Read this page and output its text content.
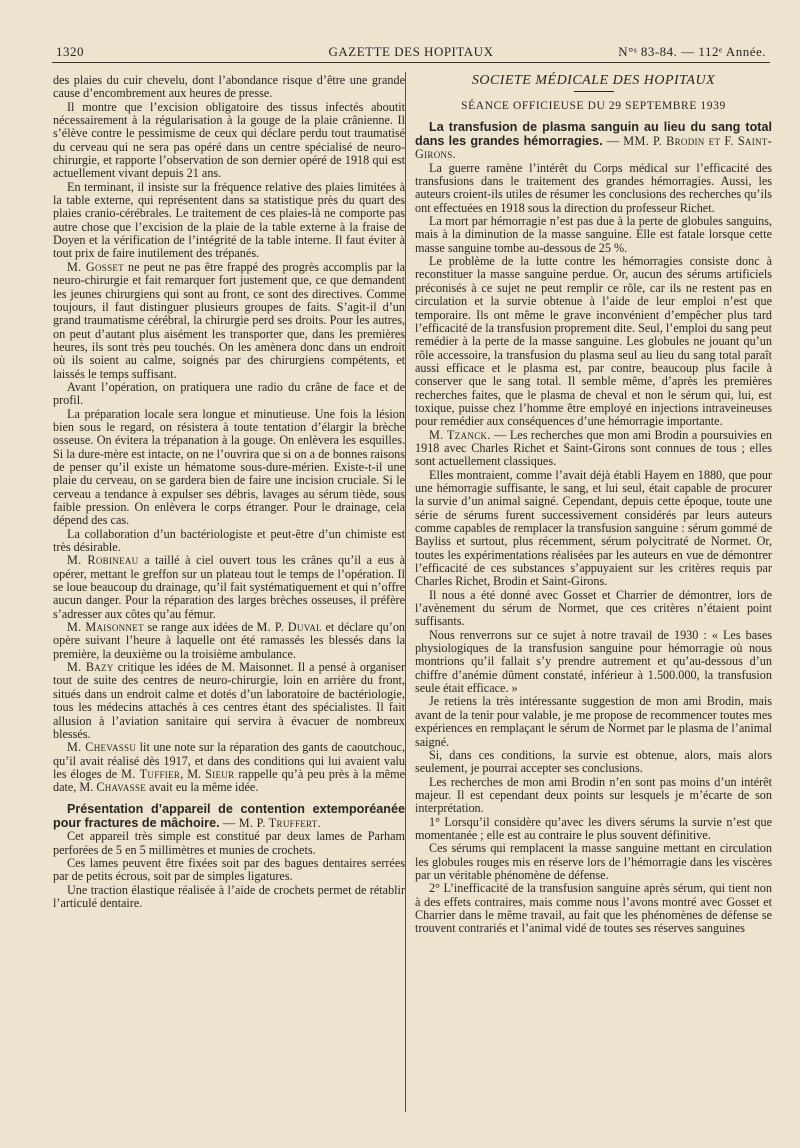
1320	GAZETTE DES HOPITAUX	N°ˢ 83-84. — 112ᵉ Année.

des plaies du cuir chevelu, dont l’abondance risque d’être une grande cause d’encombrement aux heures de presse.

Il montre que l’excision obligatoire des tissus infectés aboutit nécessairement à la régularisation à la gouge de la plaie crânienne. Il s’élève contre le pessimisme de ceux qui déclare perdu tout traumatisé du cerveau qui ne sera pas opéré dans un centre spécialisé de neuro-chirurgie, et rapporte l’observation de son dernier opéré de 1918 qui est actuellement vivant depuis 21 ans.

En terminant, il insiste sur la fréquence relative des plaies limitées à la table externe, qui représentent dans sa statistique près du quart des plaies cranio-cérébrales. Le traitement de ces plaies-là ne comporte pas autre chose que l’excision de la plaie de la table externe à la fraise de Doyen et la vérification de l’intégrité de la table interne. Il faut éviter à tout prix de faire inutilement des trépanés.

M. Gosset ne peut ne pas être frappé des progrès accomplis par la neuro-chirurgie et fait remarquer fort justement que, ce que demandent les jeunes chirurgiens qui sont au front, ce sont des directives. Comme toujours, il faut distinguer plusieurs groupes de faits. S’agit-il d’un grand traumatisme cérébral, la chirurgie perd ses droits. Pour les autres, on peut d’autant plus aisément les transporter que, dans les premières heures, ils sont très peu touchés. On les amènera donc dans un endroit où ils soient au calme, soignés par des chirurgiens compétents, et laissés le temps suffisant.

Avant l’opération, on pratiquera une radio du crâne de face et de profil.

La préparation locale sera longue et minutieuse. Une fois la lésion bien sous le regard, on résistera à toute tentation d’élargir la brèche osseuse. On évitera la trépanation à la gouge. On enlèvera les esquilles. Si la dure-mère est intacte, on ne l’ouvrira que si on a de bonnes raisons de penser qu’il existe un hématome sous-dure-mérien. Existe-t-il une plaie du cerveau, on se gardera bien de faire une incision cruciale. Si le cerveau a tendance à expulser ses débris, lavages au sérum tiède, sous faible pression. On enlèvera le corps étranger. Pour le drainage, cela dépend des cas.

La collaboration d’un bactériologiste et peut-être d’un chimiste est très désirable.

M. Robineau a taillé à ciel ouvert tous les crânes qu’il a eus à opérer, mettant le greffon sur un plateau tout le temps de l’opération. Il se loue beaucoup du drainage, qu’il fait systématiquement et qui n’offre aucun danger. Pour la réparation des larges brèches osseuses, il préfère s’adresser aux côtes qu’au fémur.

M. Maisonnet se range aux idées de M. P. Duval et déclare qu’on opère suivant l’heure à laquelle ont été ramassés les blessés dans la première, la deuxième ou la troisième ambulance.

M. Bazy critique les idées de M. Maisonnet. Il a pensé à organiser tout de suite des centres de neuro-chirurgie, loin en arrière du front, situés dans un endroit calme et dotés d’un laboratoire de bactériologie, tous les médecins attachés à ces centres étant des spécialistes. Il fait allusion à l’aviation sanitaire qui servira à évacuer de nombreux blessés.

M. Chevassu lit une note sur la réparation des gants de caoutchouc, qu’il avait réalisé dès 1917, et dans des conditions qui lui avaient valu les éloges de M. Tuffier, M. Sieur rappelle qu’à peu près à la même date, M. Chavasse avait eu la même idée.

Présentation d’appareil de contention extemporéanée pour fractures de mâchoire. — M. P. Truffert.

Cet appareil très simple est constitué par deux lames de Parham perforées de 5 en 5 millimètres et munies de crochets.

Ces lames peuvent être fixées soit par des bagues dentaires serrées par de petits écrous, soit par de simples ligatures.

Une traction élastique réalisée à l’aide de crochets permet de rétablir l’articulé dentaire.

SOCIETE MÉDICALE DES HOPITAUX
SÉANCE OFFICIEUSE DU 29 SEPTEMBRE 1939

La transfusion de plasma sanguin au lieu du sang total dans les grandes hémorragies. — MM. P. Brodin et F. Saint-Girons.

La guerre ramène l’intérêt du Corps médical sur l’efficacité des transfusions dans le traitement des grandes hémorragies. Aussi, les auteurs croient-ils utiles de résumer les conclusions des recherches qu’ils ont effectuées en 1918 sous la direction du professeur Richet.

La mort par hémorragie n’est pas due à la perte de globules sanguins, mais à la diminution de la masse sanguine. Elle est fatale lorsque cette masse sanguine tombe au-dessous de 25 %.

Le problème de la lutte contre les hémorragies consiste donc à reconstituer la masse sanguine perdue. Or, aucun des sérums artificiels préconisés à ce sujet ne peut remplir ce rôle, car ils ne restent pas en circulation et la survie obtenue à l’aide de leur emploi n’est que temporaire. Ils ont même le grave inconvénient d’empêcher plus tard l’efficacité de la transfusion proprement dite. Seul, l’emploi du sang peut remédier à la perte de la masse sanguine. Les globules ne jouant qu’un rôle accessoire, la transfusion du plasma seul au lieu du sang total paraît aussi efficace et le plasma est, par contre, beaucoup plus facile à conserver que le sang total. Il semble même, d’après les premières recherches faites, que le plasma de cheval et non le sérum qui, lui, est toxique, puisse chez l’homme être employé en injections intraveineuses pour remédier aux conséquences d’une hémorragie importante.

M. Tzanck. — Les recherches que mon ami Brodin a poursuivies en 1918 avec Charles Richet et Saint-Girons sont connues de tous ; elles sont actuellement classiques.

Elles montraient, comme l’avait déjà établi Hayem en 1880, que pour une hémorragie suffisante, le sang, et lui seul, était capable de procurer la survie d’un animal saigné. Cependant, depuis cette époque, toute une série de sérums furent successivement considérés par leurs auteurs comme capables de remplacer la transfusion sanguine : sérum gommé de Bayliss et surtout, plus récemment, sérum polycitraté de Normet. Or, toutes les expérimentations réalisées par les auteurs en vue de démontrer l’efficacité de ces substances s’appuyaient sur les critères requis par Charles Richet, Brodin et Saint-Girons.

Il nous a été donné avec Gosset et Charrier de démontrer, lors de l’avènement du sérum de Normet, que ces critères n’étaient point suffisants.

Nous renverrons sur ce sujet à notre travail de 1930 : « Les bases physiologiques de la transfusion sanguine pour hémorragie où nous montrions qu’il fallait s’y prendre autrement et qu’au-dessous d’un chiffre d’anémie dûment constaté, inférieur à 1.500.000, la transfusion seule était efficace. »

Je retiens la très intéressante suggestion de mon ami Brodin, mais avant de la tenir pour valable, je me propose de recommencer toutes mes expériences en remplaçant le sérum de Normet par le plasma de l’animal saigné.

Si, dans ces conditions, la survie est obtenue, alors, mais alors seulement, je pourrai accepter ses conclusions.

Les recherches de mon ami Brodin n’en sont pas moins d’un intérêt majeur. Il est cependant deux points sur lesquels je m’écarte de son interprétation.

1° Lorsqu’il considère qu’avec les divers sérums la survie n’est que momentanée ; elle est au contraire le plus souvent définitive.

Ces sérums qui remplacent la masse sanguine mettant en circulation les globules rouges mis en réserve lors de l’hémorragie dans les viscères par un véritable phénomène de défense.

2° L’inefficacité de la transfusion sanguine après sérum, qui tient non à des effets contraires, mais comme nous l’avons montré avec Gosset et Charrier dans le même travail, au fait que les phénomènes de défense se trouvent contrariés et l’animal vidé de toutes ses réserves sanguines
